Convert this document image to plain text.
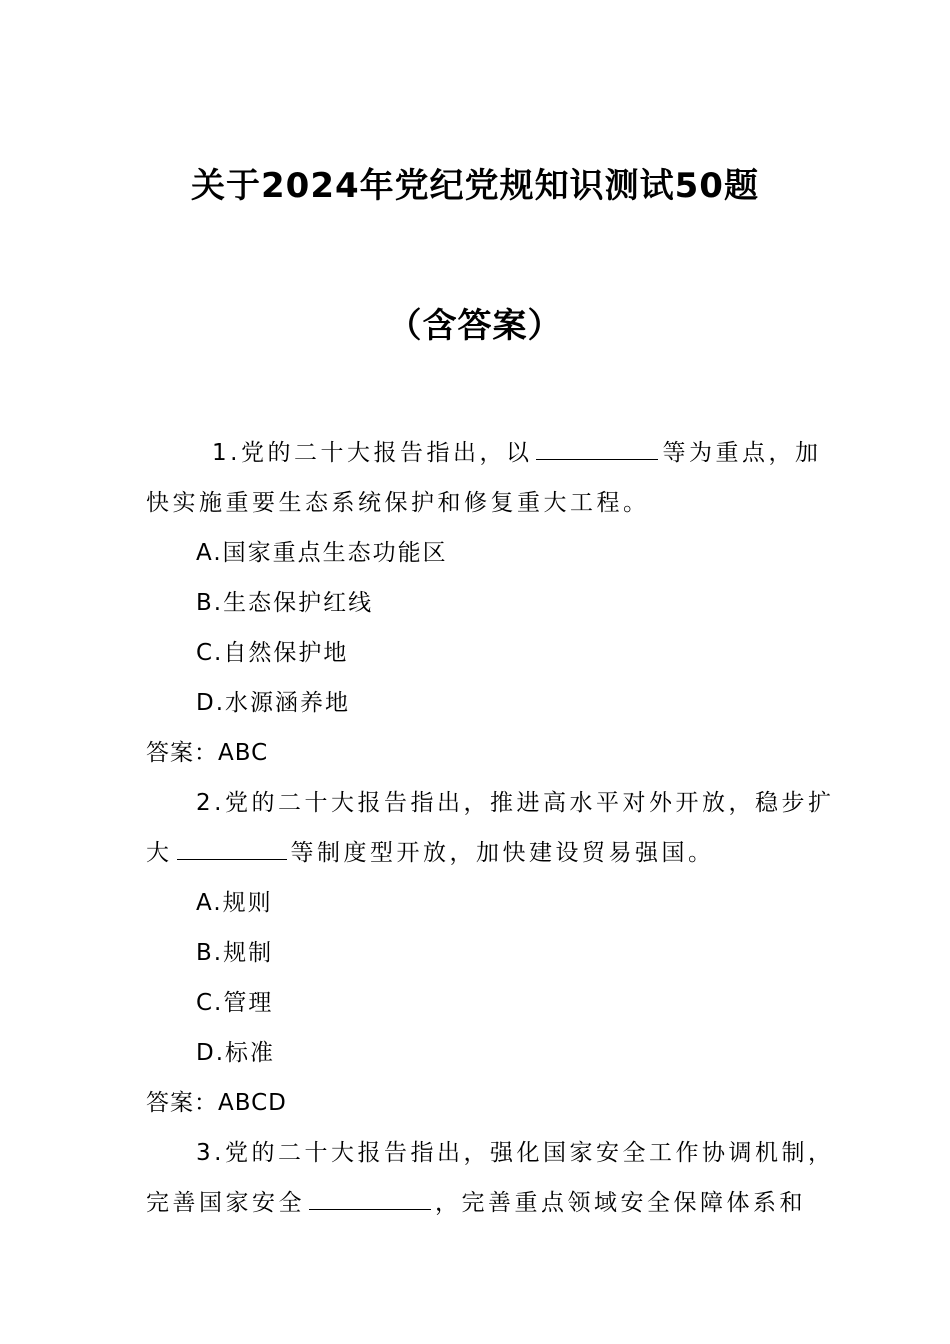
关于2024年党纪党规知识测试50题
（含答案）
1.党的二十大报告指出，以	等为重点，加
快实施重要生态系统保护和修复重大工程。
A.国家重点生态功能区
B.生态保护红线
C.自然保护地
D.水源涵养地
答案：ABC
2.党的二十大报告指出，推进高水平对外开放，稳步扩
大	等制度型开放，加快建设贸易强国。
A.规则
B.规制
C.管理
D.标准
答案：ABCD
3.党的二十大报告指出，强化国家安全工作协调机制，
完善国家安全	，完善重点领域安全保障体系和
